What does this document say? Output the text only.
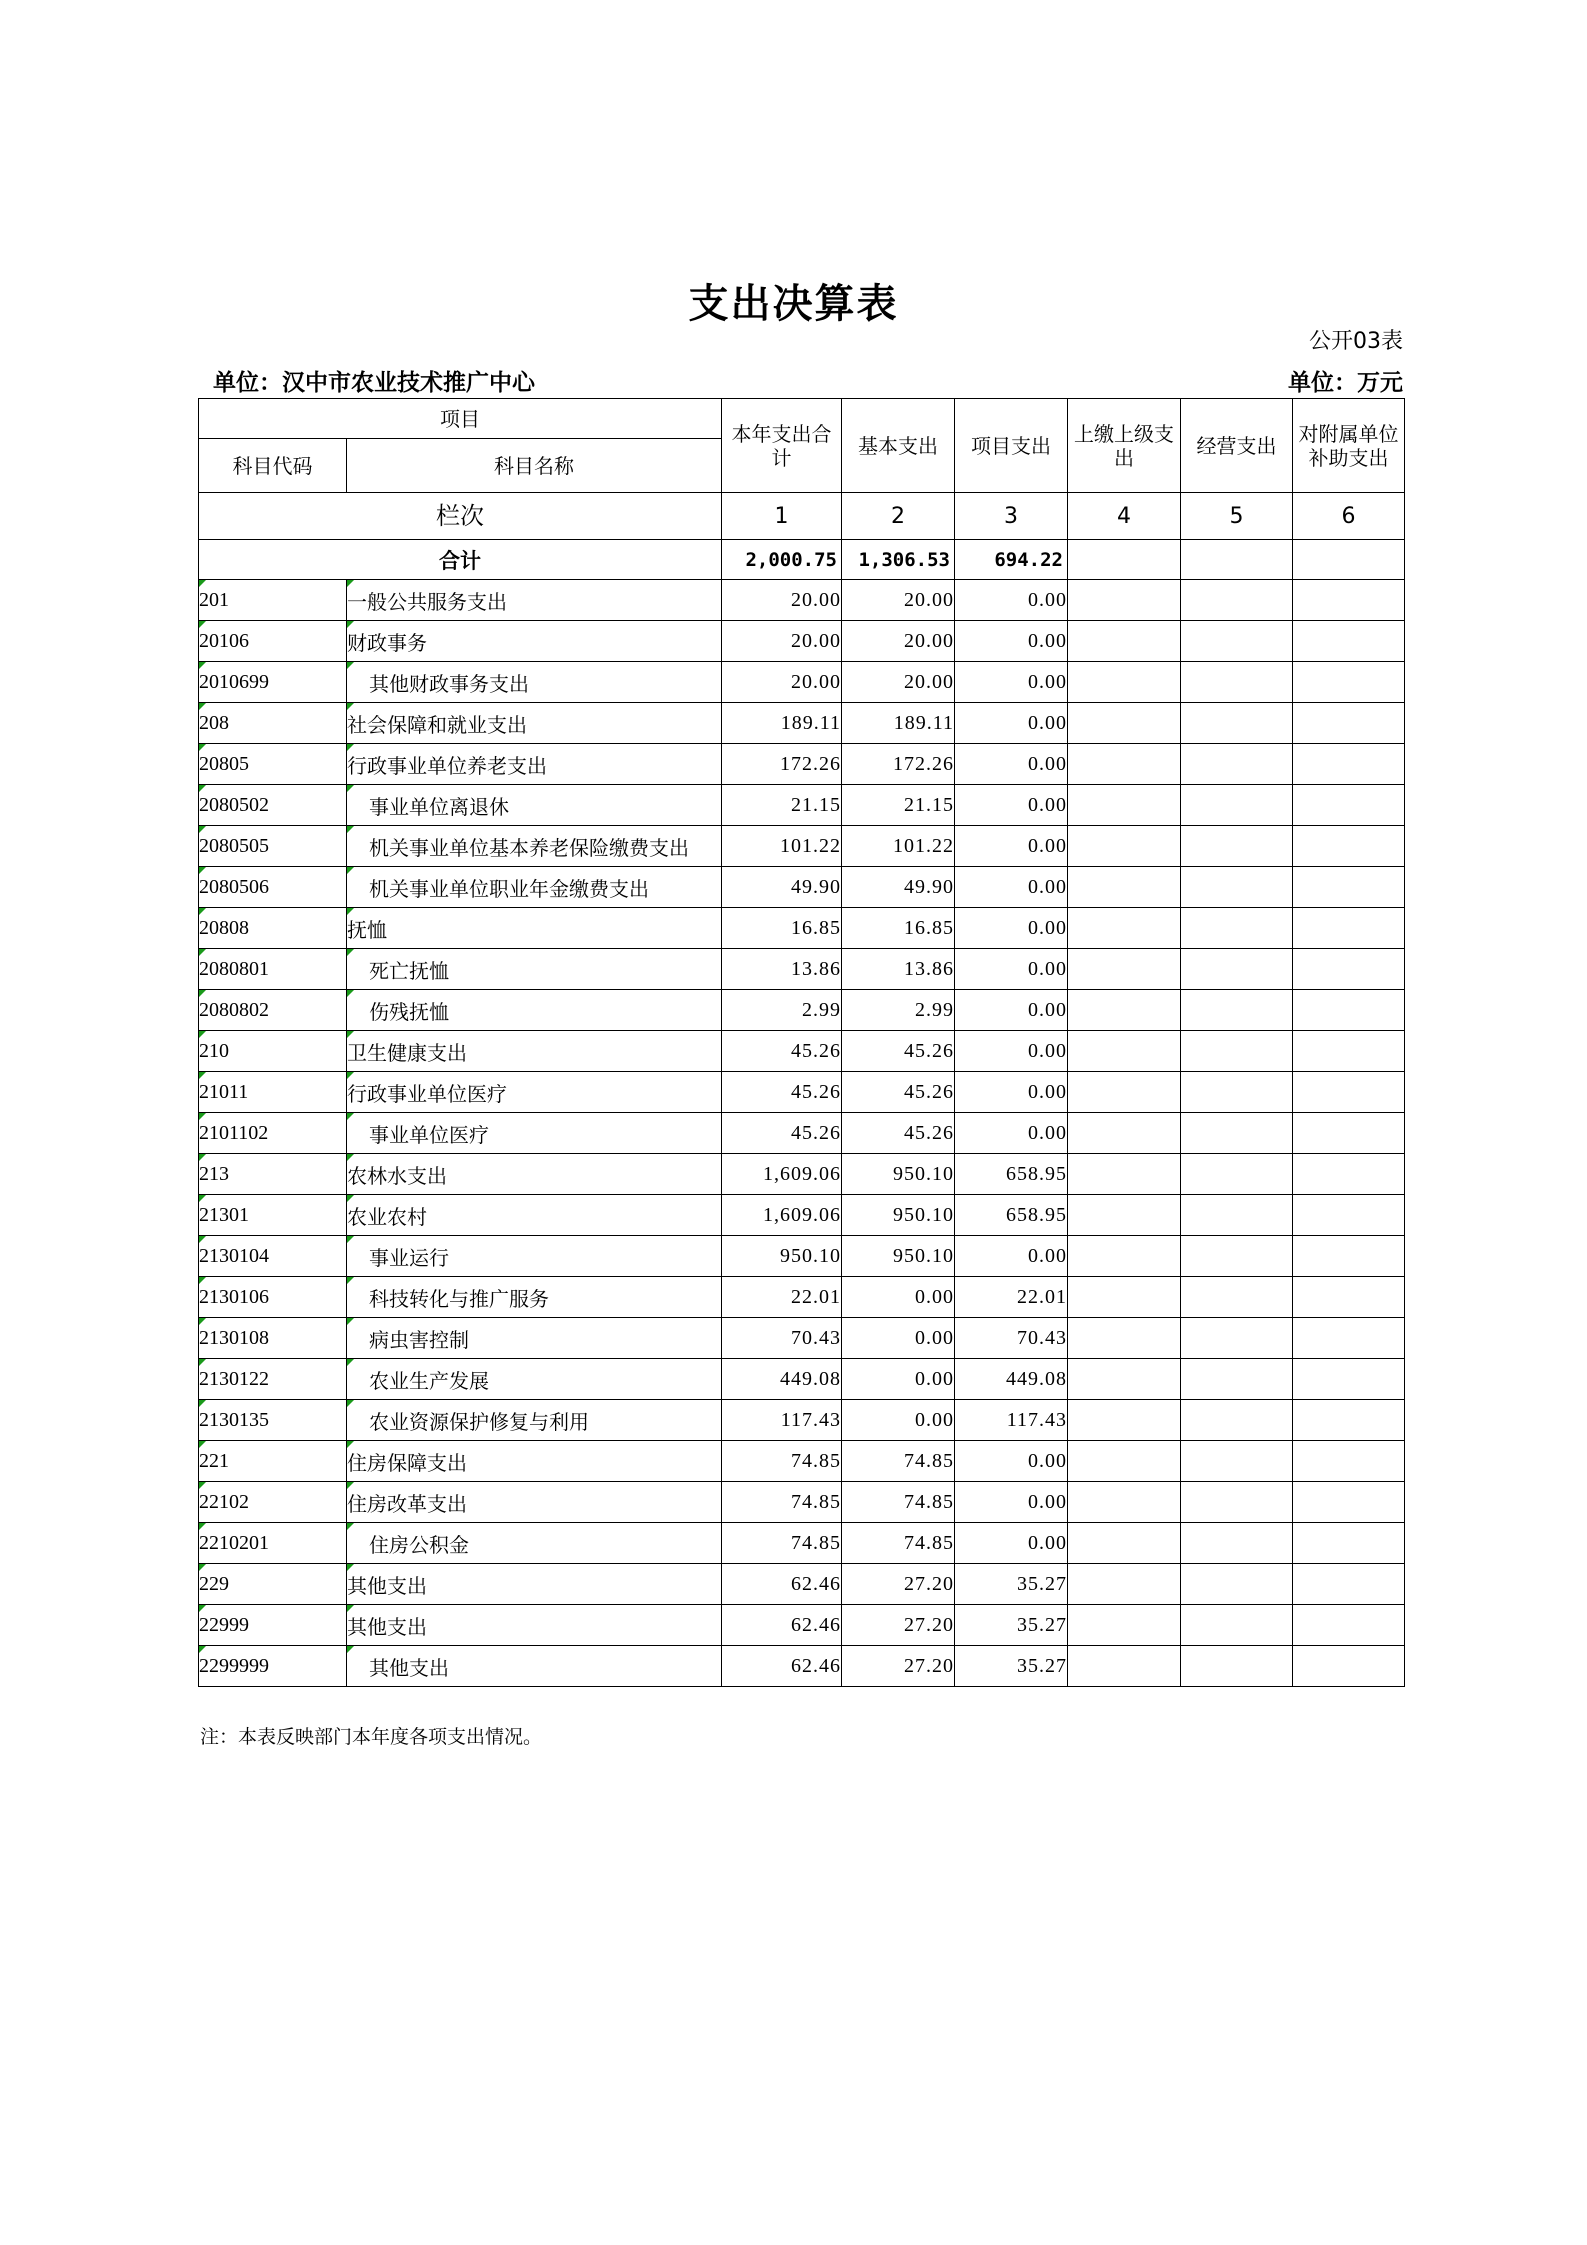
支出决算表
公开03表
单位：汉中市农业技术推广中心	单位：万元
项目		本年支出合计	基本支出	项目支出	上缴上级支出	经营支出	对附属单位补助支出
科目代码	科目名称						
栏次		1	2	3	4	5	6
合计		2,000.75	1,306.53	694.22			
201	一般公共服务支出	20.00	20.00	0.00			
20106	财政事务	20.00	20.00	0.00			
2010699	其他财政事务支出	20.00	20.00	0.00			
208	社会保障和就业支出	189.11	189.11	0.00			
20805	行政事业单位养老支出	172.26	172.26	0.00			
2080502	事业单位离退休	21.15	21.15	0.00			
2080505	机关事业单位基本养老保险缴费支出	101.22	101.22	0.00			
2080506	机关事业单位职业年金缴费支出	49.90	49.90	0.00			
20808	抚恤	16.85	16.85	0.00			
2080801	死亡抚恤	13.86	13.86	0.00			
2080802	伤残抚恤	2.99	2.99	0.00			
210	卫生健康支出	45.26	45.26	0.00			
21011	行政事业单位医疗	45.26	45.26	0.00			
2101102	事业单位医疗	45.26	45.26	0.00			
213	农林水支出	1,609.06	950.10	658.95			
21301	农业农村	1,609.06	950.10	658.95			
2130104	事业运行	950.10	950.10	0.00			
2130106	科技转化与推广服务	22.01	0.00	22.01			
2130108	病虫害控制	70.43	0.00	70.43			
2130122	农业生产发展	449.08	0.00	449.08			
2130135	农业资源保护修复与利用	117.43	0.00	117.43			
221	住房保障支出	74.85	74.85	0.00			
22102	住房改革支出	74.85	74.85	0.00			
2210201	住房公积金	74.85	74.85	0.00			
229	其他支出	62.46	27.20	35.27			
22999	其他支出	62.46	27.20	35.27			
2299999	其他支出	62.46	27.20	35.27			
注：本表反映部门本年度各项支出情况。
